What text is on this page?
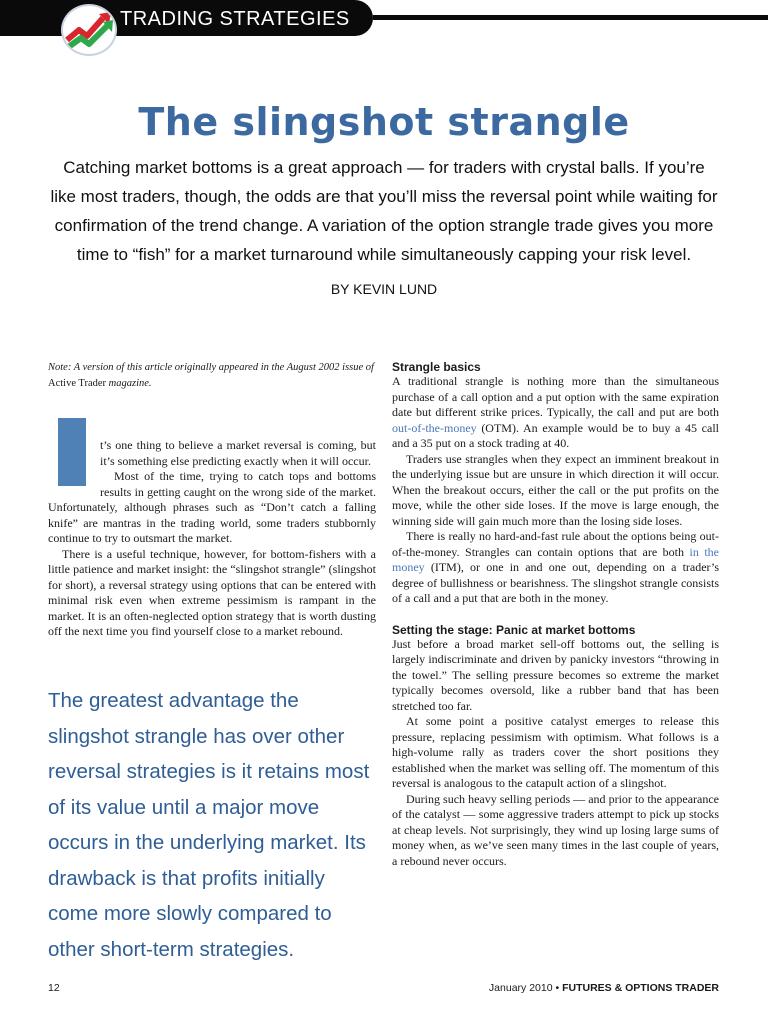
TRADING STRATEGIES
The slingshot strangle
Catching market bottoms is a great approach — for traders with crystal balls. If you’re like most traders, though, the odds are that you’ll miss the reversal point while waiting for confirmation of the trend change. A variation of the option strangle trade gives you more time to “fish” for a market turnaround while simultaneously capping your risk level.
BY KEVIN LUND
Note: A version of this article originally appeared in the August 2002 issue of Active Trader magazine.

t’s one thing to believe a market reversal is coming, but it’s something else predicting exactly when it will occur.

Most of the time, trying to catch tops and bottoms results in getting caught on the wrong side of the market. Unfortunately, although phrases such as “Don’t catch a falling knife” are mantras in the trading world, some traders stubbornly continue to try to outsmart the market.

There is a useful technique, however, for bottom-fishers with a little patience and market insight: the “slingshot strangle” (slingshot for short), a reversal strategy using options that can be entered with minimal risk even when extreme pessimism is rampant in the market. It is an often-neglected option strategy that is worth dusting off the next time you find yourself close to a market rebound.

The greatest advantage the slingshot strangle has over other reversal strategies is it retains most of its value until a major move occurs in the underlying market. Its drawback is that profits initially come more slowly compared to other short-term strategies.
Strangle basics

A traditional strangle is nothing more than the simultaneous purchase of a call option and a put option with the same expiration date but different strike prices. Typically, the call and put are both out-of-the-money (OTM). An example would be to buy a 45 call and a 35 put on a stock trading at 40.

Traders use strangles when they expect an imminent breakout in the underlying issue but are unsure in which direction it will occur. When the breakout occurs, either the call or the put profits on the move, while the other side loses. If the move is large enough, the winning side will gain much more than the losing side loses.

There is really no hard-and-fast rule about the options being out-of-the-money. Strangles can contain options that are both in the money (ITM), or one in and one out, depending on a trader’s degree of bullishness or bearishness. The slingshot strangle consists of a call and a put that are both in the money.

Setting the stage: Panic at market bottoms

Just before a broad market sell-off bottoms out, the selling is largely indiscriminate and driven by panicky investors “throwing in the towel.” The selling pressure becomes so extreme the market typically becomes oversold, like a rubber band that has been stretched too far.

At some point a positive catalyst emerges to release this pressure, replacing pessimism with optimism. What follows is a high-volume rally as traders cover the short positions they established when the market was selling off. The momentum of this reversal is analogous to the catapult action of a slingshot.

During such heavy selling periods — and prior to the appearance of the catalyst — some aggressive traders attempt to pick up stocks at cheap levels. Not surprisingly, they wind up losing large sums of money when, as we’ve seen many times in the last couple of years, a rebound never occurs.

12	January 2010 • FUTURES & OPTIONS TRADER
